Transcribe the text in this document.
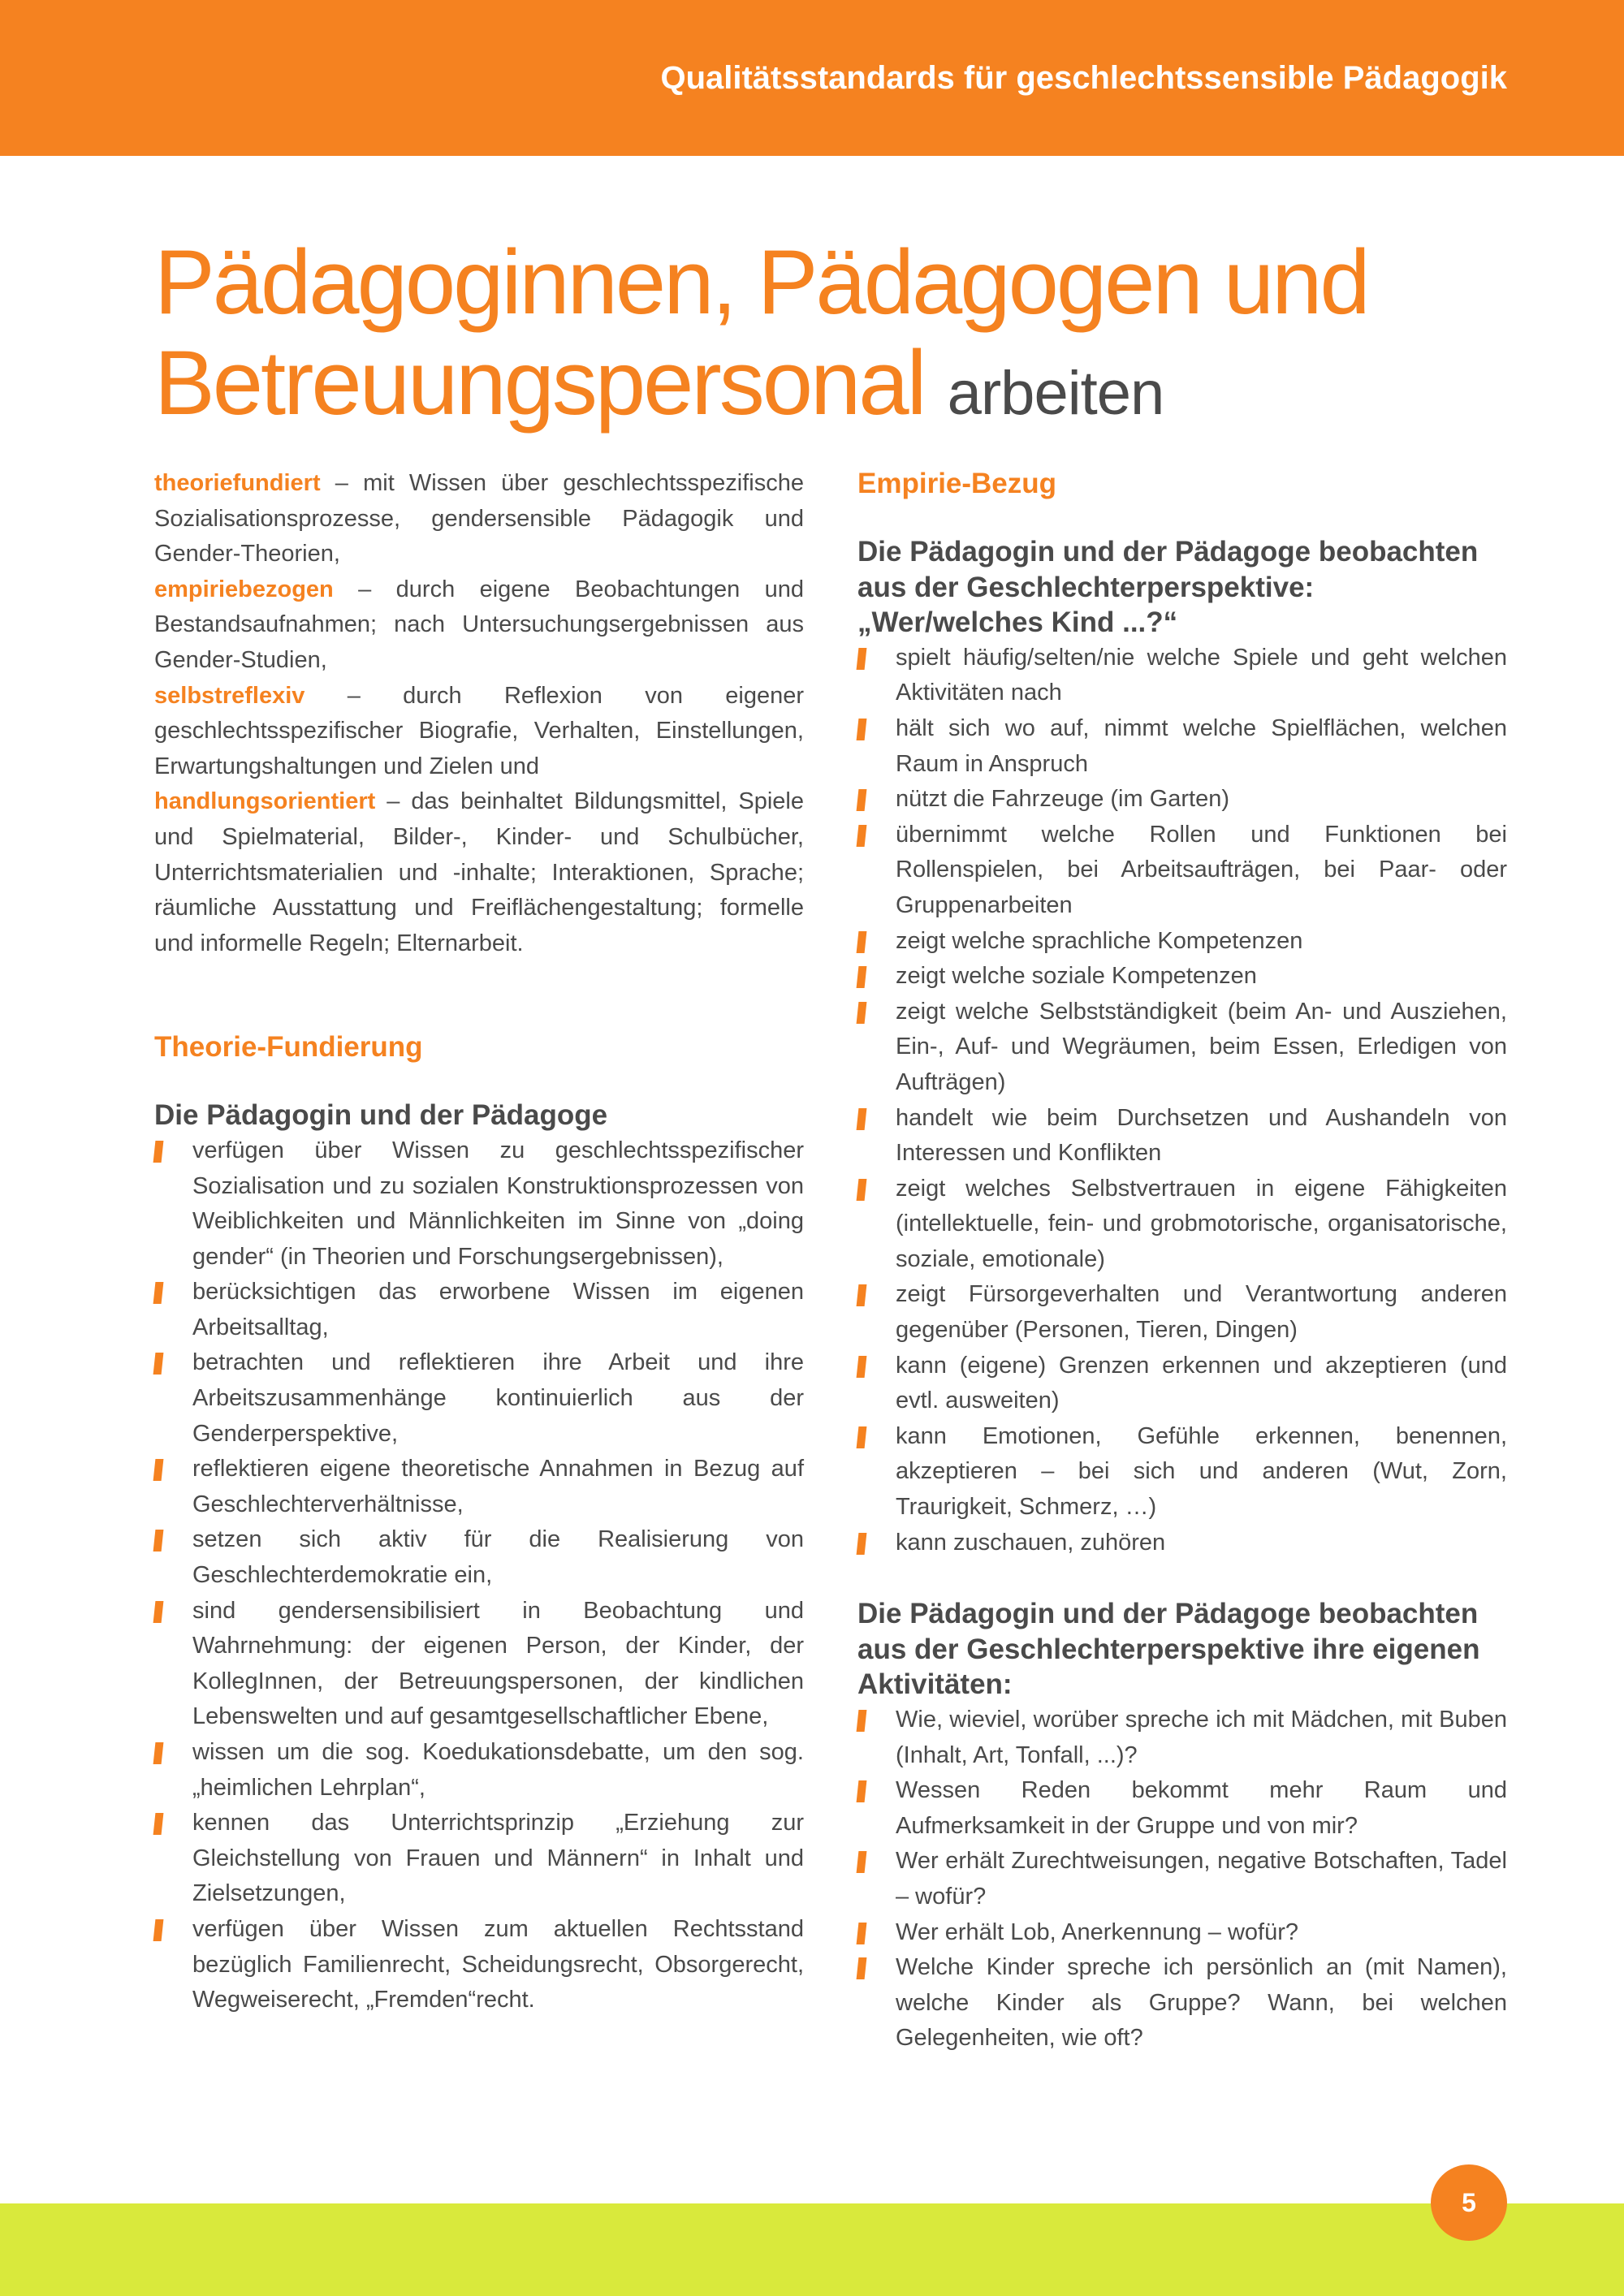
Qualitätsstandards für geschlechtssensible Pädagogik
Pädagoginnen, Pädagogen und
Betreuungspersonal arbeiten

theoriefundiert – mit Wissen über geschlechtsspezifische Sozialisationsprozesse, gendersensible Pädagogik und Gender-Theorien,
empiriebezogen – durch eigene Beobachtungen und Bestandsaufnahmen; nach Untersuchungsergebnissen aus Gender-Studien,
selbstreflexiv – durch Reflexion von eigener geschlechtsspezifischer Biografie, Verhalten, Einstellungen, Erwartungshaltungen und Zielen und
handlungsorientiert – das beinhaltet Bildungsmittel, Spiele und Spielmaterial, Bilder-, Kinder- und Schulbücher, Unterrichtsmaterialien und -inhalte; Interaktionen, Sprache; räumliche Ausstattung und Freiflächengestaltung; formelle und informelle Regeln; Elternarbeit.

Theorie-Fundierung
Die Pädagogin und der Pädagoge
verfügen über Wissen zu geschlechtsspezifischer Sozialisation und zu sozialen Konstruktionsprozessen von Weiblichkeiten und Männlichkeiten im Sinne von „doing gender“ (in Theorien und Forschungsergebnissen),
berücksichtigen das erworbene Wissen im eigenen Arbeitsalltag,
betrachten und reflektieren ihre Arbeit und ihre Arbeitszusammenhänge kontinuierlich aus der Genderperspektive,
reflektieren eigene theoretische Annahmen in Bezug auf Geschlechterverhältnisse,
setzen sich aktiv für die Realisierung von Geschlechterdemokratie ein,
sind gendersensibilisiert in Beobachtung und Wahrnehmung: der eigenen Person, der Kinder, der KollegInnen, der Betreuungspersonen, der kindlichen Lebenswelten und auf gesamtgesellschaftlicher Ebene,
wissen um die sog. Koedukationsdebatte, um den sog. „heimlichen Lehrplan“,
kennen das Unterrichtsprinzip „Erziehung zur Gleichstellung von Frauen und Männern“ in Inhalt und Zielsetzungen,
verfügen über Wissen zum aktuellen Rechtsstand bezüglich Familienrecht, Scheidungsrecht, Obsorgerecht, Wegweiserecht, „Fremden“recht.
Empirie-Bezug
Die Pädagogin und der Pädagoge beobachten aus der Geschlechterperspektive: „Wer/welches Kind ...?“
spielt häufig/selten/nie welche Spiele und geht welchen Aktivitäten nach
hält sich wo auf, nimmt welche Spielflächen, welchen Raum in Anspruch
nützt die Fahrzeuge (im Garten)
übernimmt welche Rollen und Funktionen bei Rollenspielen, bei Arbeitsaufträgen, bei Paar- oder Gruppenarbeiten
zeigt welche sprachliche Kompetenzen
zeigt welche soziale Kompetenzen
zeigt welche Selbstständigkeit (beim An- und Ausziehen, Ein-, Auf- und Wegräumen, beim Essen, Erledigen von Aufträgen)
handelt wie beim Durchsetzen und Aushandeln von Interessen und Konflikten
zeigt welches Selbstvertrauen in eigene Fähigkeiten (intellektuelle, fein- und grobmotorische, organisatorische, soziale, emotionale)
zeigt Fürsorgeverhalten und Verantwortung anderen gegenüber (Personen, Tieren, Dingen)
kann (eigene) Grenzen erkennen und akzeptieren (und evtl. ausweiten)
kann Emotionen, Gefühle erkennen, benennen, akzeptieren – bei sich und anderen (Wut, Zorn, Traurigkeit, Schmerz, …)
kann zuschauen, zuhören
Die Pädagogin und der Pädagoge beobachten aus der Geschlechterperspektive ihre eigenen Aktivitäten:
Wie, wieviel, worüber spreche ich mit Mädchen, mit Buben (Inhalt, Art, Tonfall, ...)?
Wessen Reden bekommt mehr Raum und Aufmerksamkeit in der Gruppe und von mir?
Wer erhält Zurechtweisungen, negative Botschaften, Tadel – wofür?
Wer erhält Lob, Anerkennung – wofür?
Welche Kinder spreche ich persönlich an (mit Namen), welche Kinder als Gruppe? Wann, bei welchen Gelegenheiten, wie oft?
5
